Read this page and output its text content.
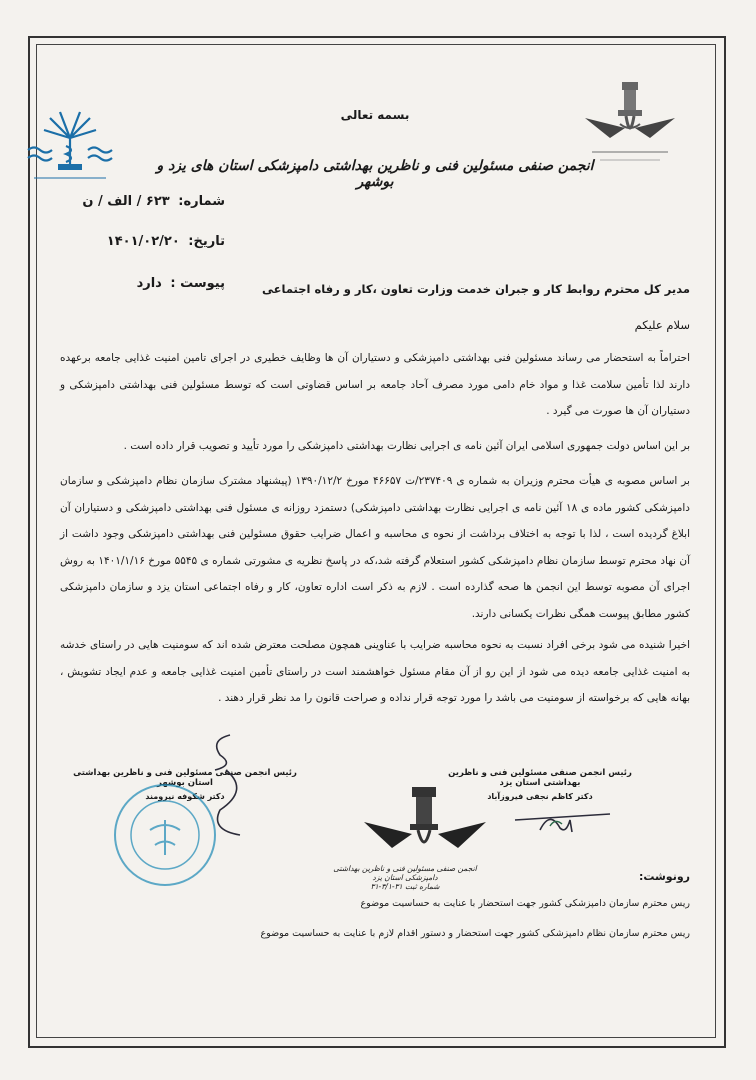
بسمه تعالی
انجمن صنفی مسئولین فنی و ناظرین بهداشتی دامپزشکی استان های یزد و بوشهر
شماره: ۶۲۳ / الف / ن
تاریخ: ۱۴۰۱/۰۲/۲۰
پیوست : دارد	مدیر کل محترم روابط کار و جبران خدمت وزارت تعاون ،کار و رفاه اجتماعی
سلام علیکم
احتراماً به استحضار می رساند مسئولین فنی بهداشتی دامپزشکی و دستیاران آن ها وظایف خطیری در اجرای تامین امنیت غذایی جامعه برعهده دارند لذا تأمین سلامت غذا و مواد خام دامی مورد مصرف آحاد جامعه بر اساس قضاوتی است که توسط مسئولین فنی بهداشتی دامپزشکی و دستیاران آن ها صورت می گیرد .
بر این اساس دولت جمهوری اسلامی ایران آئین نامه ی اجرایی نظارت بهداشتی دامپزشکی را مورد تأیید و تصویب قرار داده است .
بر اساس مصوبه ی هیأت محترم وزیران به شماره ی ۲۳۷۴۰۹/ت ۴۶۶۵۷ مورخ ۱۳۹۰/۱۲/۲ (پیشنهاد مشترک سازمان نظام دامپزشکی و سازمان دامپزشکی کشور ماده ی ۱۸ آئین نامه ی اجرایی نظارت بهداشتی دامپزشکی) دستمزد روزانه ی مسئول فنی بهداشتی دامپزشکی و دستیاران آن ابلاغ گردیده است ، لذا با توجه به اختلاف برداشت از نحوه ی محاسبه و اعمال ضرایب حقوق مسئولین فنی بهداشتی دامپزشکی وجود داشت از آن نهاد محترم توسط سازمان نظام دامپزشکی کشور استعلام گرفته شد،که در پاسخ نظریه ی مشورتی شماره ی ۵۵۴۵ مورخ ۱۴۰۱/۱/۱۶ به روش اجرای آن مصوبه توسط این انجمن ها صحه گذارده است . لازم به ذکر است اداره تعاون، کار و رفاه اجتماعی استان یزد و سازمان دامپزشکی کشور مطابق پیوست همگی نظرات یکسانی دارند.
اخیرا شنیده می شود برخی افراد نسبت به نحوه محاسبه ضرایب با عناوینی همچون مصلحت معترض شده اند که سومنیت هایی در راستای خدشه به امنیت غذایی جامعه دیده می شود از این رو از آن مقام مسئول خواهشمند است در راستای تأمین امنیت غذایی جامعه و عدم ایجاد تشویش ، بهانه هایی که برخواسته از سومنیت می باشد را مورد توجه قرار نداده و صراحت قانون را مد نظر قرار دهند .
رئیس انجمن صنفی مسئولین فنی و ناظرین بهداشتی استان یزد
دکتر کاظم نجفی فیروزآباد
رئیس انجمن صنفی مسئولین فنی و ناظرین بهداشتی استان بوشهر
دکتر شکوفه نیرومند
انجمن صنفی مسئولین فنی و ناظرین بهداشتی دامپزشکی استان یزد
شماره ثبت ۳۱-۳/۱-۳۱
رونوشت:
ریس محترم سازمان دامپزشکی کشور جهت استحضار با عنایت به حساسیت موضوع
ریس محترم سازمان نظام دامپزشکی کشور جهت استحضار و دستور اقدام لازم با عنایت به حساسیت موضوع
